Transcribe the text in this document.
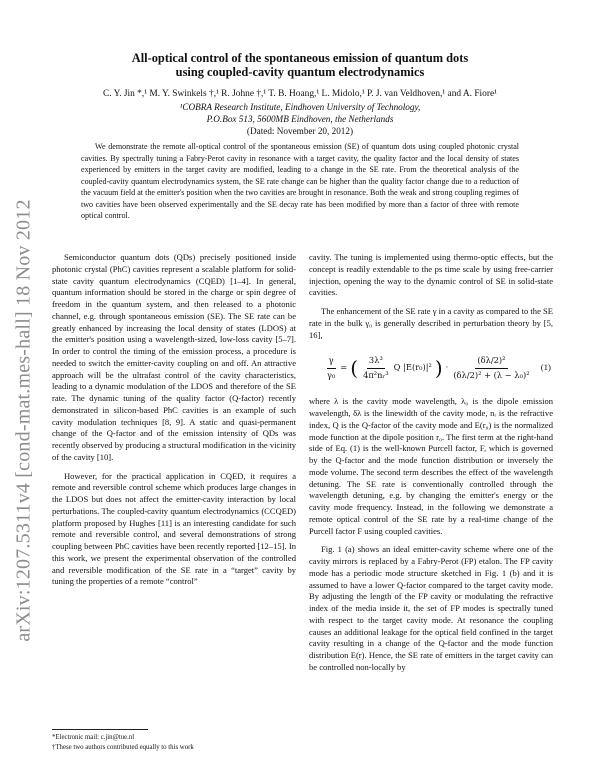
arXiv:1207.5311v4 [cond-mat.mes-hall] 18 Nov 2012
All-optical control of the spontaneous emission of quantum dots
using coupled-cavity quantum electrodynamics
C. Y. Jin *,¹ M. Y. Swinkels †,¹ R. Johne †,¹ T. B. Hoang,¹ L. Midolo,¹ P. J. van Veldhoven,¹ and A. Fiore¹
¹COBRA Research Institute, Eindhoven University of Technology,
P.O.Box 513, 5600MB Eindhoven, the Netherlands
(Dated: November 20, 2012)
We demonstrate the remote all-optical control of the spontaneous emission (SE) of quantum dots using coupled photonic crystal cavities. By spectrally tuning a Fabry-Perot cavity in resonance with a target cavity, the quality factor and the local density of states experienced by emitters in the target cavity are modified, leading to a change in the SE rate. From the theoretical analysis of the coupled-cavity quantum electrodynamics system, the SE rate change can be higher than the quality factor change due to a reduction of the vacuum field at the emitter's position when the two cavities are brought in resonance. Both the weak and strong coupling regimes of two cavities have been observed experimentally and the SE decay rate has been modified by more than a factor of three with remote optical control.

Semiconductor quantum dots (QDs) precisely positioned inside photonic crystal (PhC) cavities represent a scalable platform for solid-state cavity quantum electrodynamics (CQED) [1–4]. In general, quantum information should be stored in the charge or spin degree of freedom in the quantum system, and then released to a photonic channel, e.g. through spontaneous emission (SE). The SE rate can be greatly enhanced by increasing the local density of states (LDOS) at the emitter's position using a wavelength-sized, low-loss cavity [5–7]. In order to control the timing of the emission process, a procedure is needed to switch the emitter-cavity coupling on and off. An attractive approach will be the ultrafast control of the cavity characteristics, leading to a dynamic modulation of the LDOS and therefore of the SE rate. The dynamic tuning of the quality factor (Q-factor) recently demonstrated in silicon-based PhC cavities is an example of such cavity modulation techniques [8, 9]. A static and quasi-permanent change of the Q-factor and of the emission intensity of QDs was recently observed by producing a structural modification in the vicinity of the cavity [10].

However, for the practical application in CQED, it requires a remote and reversible control scheme which produces large changes in the LDOS but does not affect the emitter-cavity interaction by local perturbations. The coupled-cavity quantum electrodynamics (CCQED) platform proposed by Hughes [11] is an interesting candidate for such remote and reversible control, and several demonstrations of strong coupling between PhC cavities have been recently reported [12–15]. In this work, we present the experimental observation of the controlled and reversible modification of the SE rate in a “target” cavity by tuning the properties of a remote “control”

cavity. The tuning is implemented using thermo-optic effects, but the concept is readily extendable to the ps time scale by using free-carrier injection, opening the way to the dynamic control of SE in solid-state cavities.

The enhancement of the SE rate γ in a cavity as compared to the SE rate in the bulk γ₀ is generally described in perturbation theory by [5, 16],

$\frac{\gamma}{\text{γ₀}}$ = ( $\frac{\text{3λ³}}{\text{4π²nᵣ³}}$ Q |E(r₀)|² ) · $\frac{\text{(δλ/2)²}}{\text{(δλ/2)² + (λ − λ₀)²}} (1)$

where λ is the cavity mode wavelength, λ₀ is the dipole emission wavelength, δλ is the linewidth of the cavity mode, nᵣ is the refractive index, Q is the Q-factor of the cavity mode and E(r₀) is the normalized mode function at the dipole position r₀. The first term at the right-hand side of Eq. (1) is the well-known Purcell factor, F, which is governed by the Q-factor and the mode function distribution or inversely the mode volume. The second term describes the effect of the wavelength detuning. The SE rate is conventionally controlled through the wavelength detuning, e.g. by changing the emitter's energy or the cavity mode frequency. Instead, in the following we demonstrate a remote optical control of the SE rate by a real-time change of the Purcell factor F using coupled cavities.

Fig. 1 (a) shows an ideal emitter-cavity scheme where one of the cavity mirrors is replaced by a Fabry-Perot (FP) etalon. The FP cavity mode has a periodic mode structure sketched in Fig. 1 (b) and it is assumed to have a lower Q-factor compared to the target cavity mode. By adjusting the length of the FP cavity or modulating the refractive index of the media inside it, the set of FP modes is spectrally tuned with respect to the target cavity mode. At resonance the coupling causes an additional leakage for the optical field confined in the target cavity resulting in a change of the Q-factor and the mode function distribution E(r). Hence, the SE rate of emitters in the target cavity can be controlled non-locally by

*Electronic mail: c.jin@tue.nl
†These two authors contributed equally to this work
